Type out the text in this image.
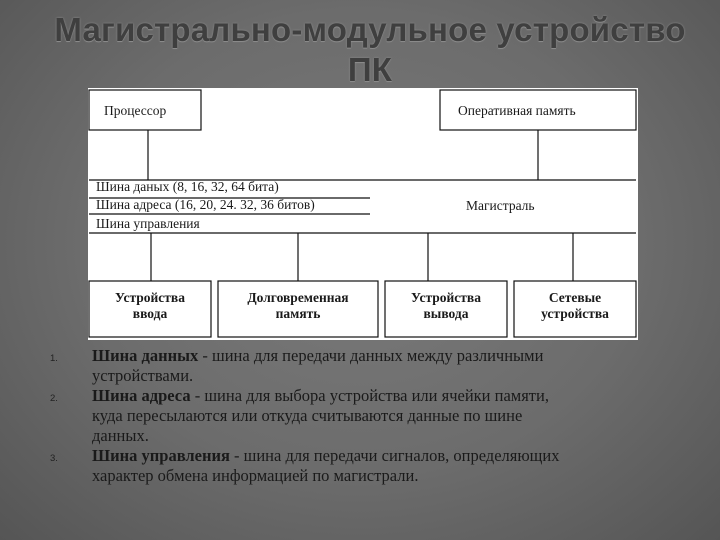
Магистрально-модульное устройство
ПК
Процессор	Оперативная память
Шина даных (8, 16, 32, 64 бита)
Шина адреса (16, 20, 24. 32, 36 битов)
Шина управления
Магистраль
Устройства
ввода
Долговременная
память
Устройства
вывода
Сетевые
устройства
1. Шина данных - шина для передачи данных между различными
устройствами.
2. Шина адреса - шина для выбора устройства или ячейки памяти,
куда пересылаются или откуда считываются данные по шине
данных.
3. Шина управления - шина для передачи сигналов, определяющих
характер обмена информацией по магистрали.
